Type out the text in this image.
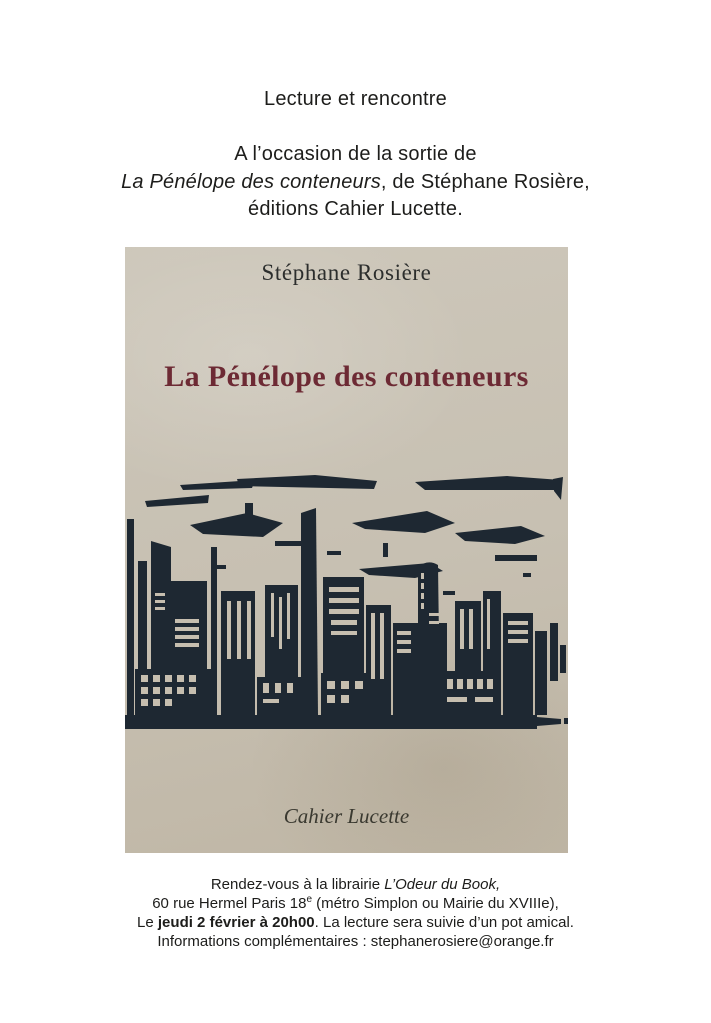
Lecture et rencontre
A l’occasion de la sortie de
La Pénélope des conteneurs, de Stéphane Rosière,
éditions Cahier Lucette.
Stéphane Rosière
La Pénélope des conteneurs
Cahier Lucette
Rendez-vous à la librairie L’Odeur du Book,
60 rue Hermel Paris 18e (métro Simplon ou Mairie du XVIIIe),
Le jeudi 2 février à 20h00. La lecture sera suivie d’un pot amical.
Informations complémentaires : stephanerosiere@orange.fr
